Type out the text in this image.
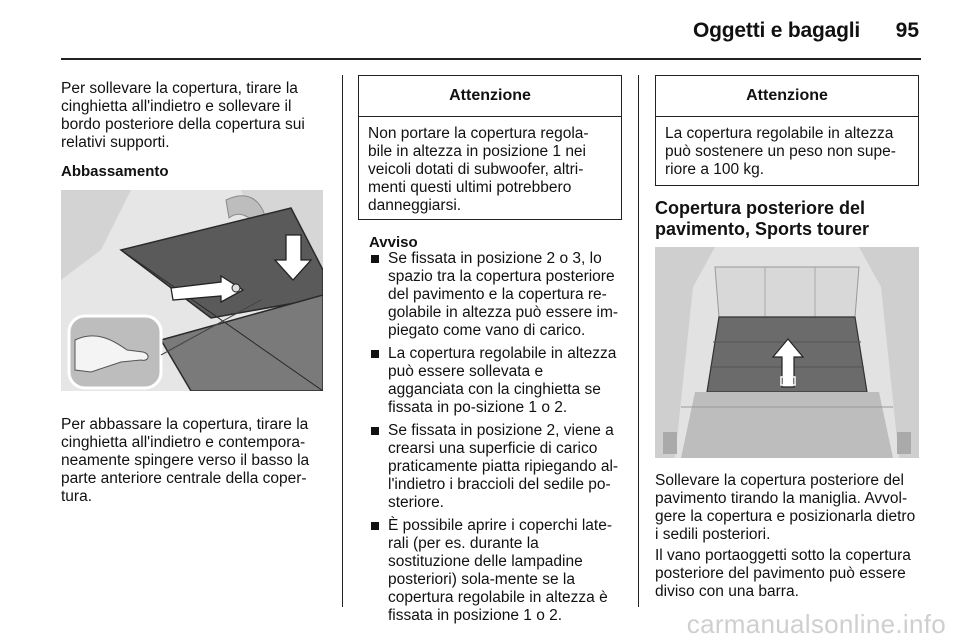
Oggetti e bagagli 95

Per sollevare la copertura, tirare la cinghietta all'indietro e sollevare il bordo posteriore della copertura sui relativi supporti.

Abbassamento

Per abbassare la copertura, tirare la cinghietta all'indietro e contempora-neamente spingere verso il basso la parte anteriore centrale della coper-tura.

Attenzione
Non portare la copertura regola-bile in altezza in posizione 1 nei veicoli dotati di subwoofer, altri-menti questi ultimi potrebbero danneggiarsi.
Avviso
Se fissata in posizione 2 o 3, lo spazio tra la copertura posteriore del pavimento e la copertura re-golabile in altezza può essere im-piegato come vano di carico.
La copertura regolabile in altezza può essere sollevata e agganciata con la cinghietta se fissata in po-sizione 1 o 2.
Se fissata in posizione 2, viene a crearsi una superficie di carico praticamente piatta ripiegando al-l'indietro i braccioli del sedile po-steriore.
È possibile aprire i coperchi late-rali (per es. durante la sostituzione delle lampadine posteriori) sola-mente se la copertura regolabile in altezza è fissata in posizione 1 o 2.
Attenzione
La copertura regolabile in altezza può sostenere un peso non supe-riore a 100 kg.
Copertura posteriore del pavimento, Sports tourer

Sollevare la copertura posteriore del pavimento tirando la maniglia. Avvol-gere la copertura e posizionarla dietro i sedili posteriori.

Il vano portaoggetti sotto la copertura posteriore del pavimento può essere diviso con una barra.

carmanualsonline.info
